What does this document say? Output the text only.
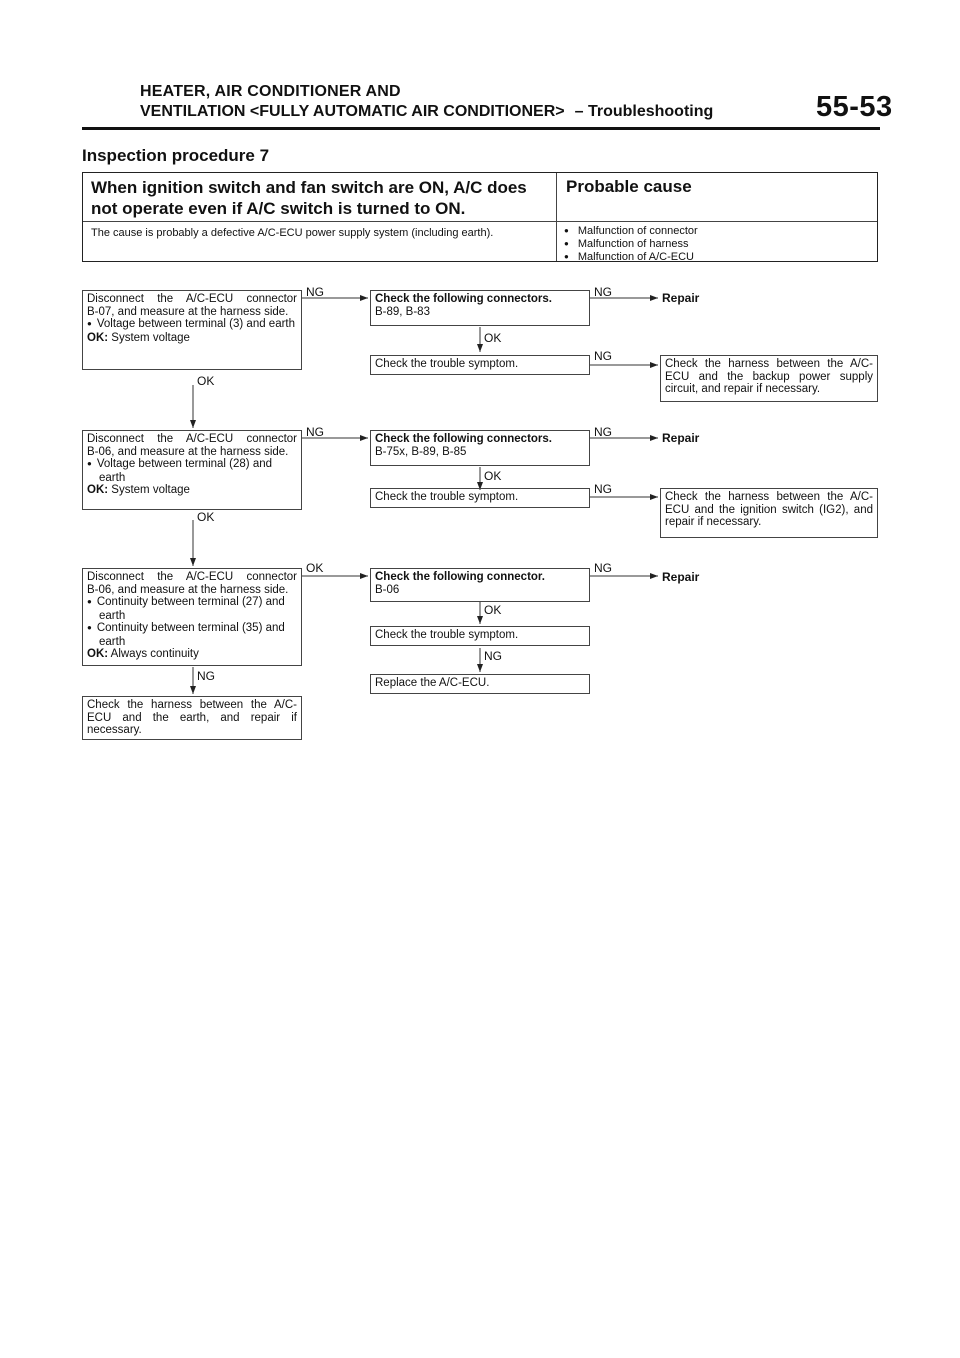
HEATER, AIR CONDITIONER AND
VENTILATION <FULLY AUTOMATIC AIR CONDITIONER> – Troubleshooting	55-53
Inspection procedure 7
When ignition switch and fan switch are ON, A/C does not operate even if A/C switch is turned to ON.
Probable cause
The cause is probably a defective A/C-ECU power supply system (including earth).
●	Malfunction of connector
● Malfunction of harness
● Malfunction of A/C-ECU

Disconnect the A/C-ECU connector

B-07, and measure at the harness side.

● Voltage between terminal (3) and earth

OK: System voltage

NG
OK

Check the following connectors.

B-89, B-83

NG	Repair
OK

Check the trouble symptom.

NG

Check the harness between the A/C-ECU and the backup power supply circuit, and repair if necessary.

Disconnect the A/C-ECU connector

B-06, and measure at the harness side.

● Voltage between terminal (28) and earth

OK: System voltage

NG
OK

Check the following connectors.

B-75x, B-89, B-85

NG	Repair
OK

Check the trouble symptom.

NG

Check the harness between the A/C-ECU and the ignition switch (IG2), and repair if necessary.

Disconnect the A/C-ECU connector

B-06, and measure at the harness side.

● Continuity between terminal (27) and earth
● Continuity between terminal (35) and earth

OK: Always continuity

OK
NG

Check the following connector.

B-06

NG
Repair
OK

Check the trouble symptom.

NG

Replace the A/C-ECU.

Check the harness between the A/C-ECU and the earth, and repair if necessary.
